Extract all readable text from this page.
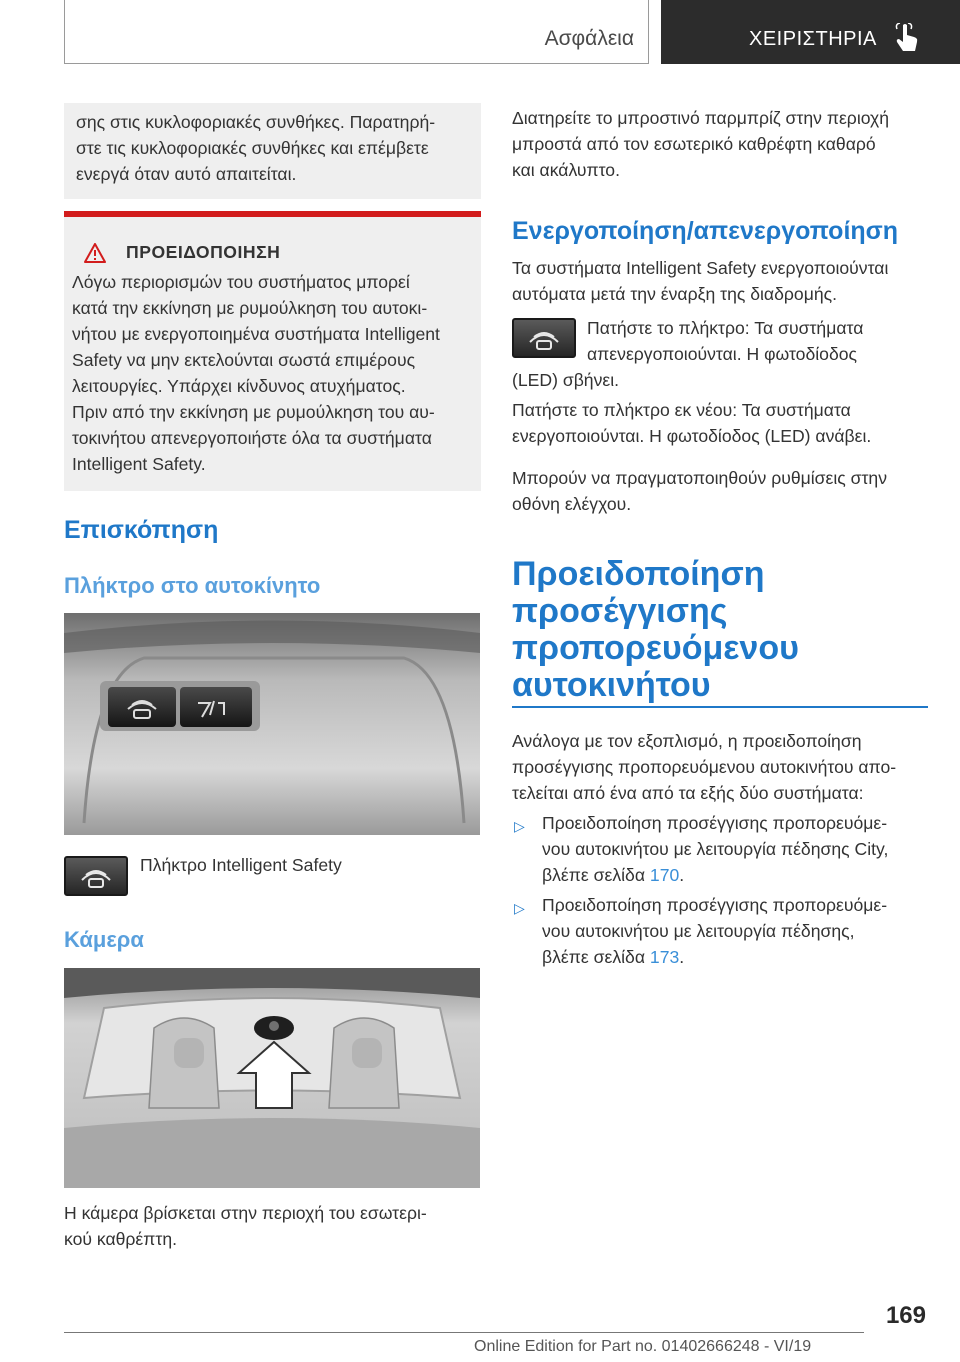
Ασφάλεια	ΧΕΙΡΙΣΤΗΡΙΑ
σης στις κυκλοφοριακές συνθήκες. Παρατηρή-
στε τις κυκλοφοριακές συνθήκες και επέμβετε
ενεργά όταν αυτό απαιτείται.
ΠΡΟΕΙΔΟΠΟΙΗΣΗ
Λόγω περιορισμών του συστήματος μπορεί
κατά την εκκίνηση με ρυμούλκηση του αυτοκι-
νήτου με ενεργοποιημένα συστήματα Intelligent
Safety να μην εκτελούνται σωστά επιμέρους
λειτουργίες. Υπάρχει κίνδυνος ατυχήματος.
Πριν από την εκκίνηση με ρυμούλκηση του αυ-
τοκινήτου απενεργοποιήστε όλα τα συστήματα
Intelligent Safety.
Επισκόπηση
Πλήκτρο στο αυτοκίνητο
Πλήκτρο Intelligent Safety
Κάμερα
Η κάμερα βρίσκεται στην περιοχή του εσωτερι-
κού καθρέπτη.
Διατηρείτε το μπροστινό παρμπρίζ στην περιοχή
μπροστά από τον εσωτερικό καθρέφτη καθαρό
και ακάλυπτο.
Ενεργοποίηση/απενεργοποίηση
Τα συστήματα Intelligent Safety ενεργοποιούνται
αυτόματα μετά την έναρξη της διαδρομής.
Πατήστε το πλήκτρο: Τα συστήματα
απενεργοποιούνται. Η φωτοδίοδος
(LED) σβήνει.
Πατήστε το πλήκτρο εκ νέου: Τα συστήματα
ενεργοποιούνται. Η φωτοδίοδος (LED) ανάβει.
Μπορούν να πραγματοποιηθούν ρυθμίσεις στην
οθόνη ελέγχου.
Προειδοποίηση
προσέγγισης
προπορευόμενου
αυτοκινήτου
Ανάλογα με τον εξοπλισμό, η προειδοποίηση
προσέγγισης προπορευόμενου αυτοκινήτου απο-
τελείται από ένα από τα εξής δύο συστήματα:
▷ Προειδοποίηση προσέγγισης προπορευόμε-
νου αυτοκινήτου με λειτουργία πέδησης City,
βλέπε σελίδα 170.
▷ Προειδοποίηση προσέγγισης προπορευόμε-
νου αυτοκινήτου με λειτουργία πέδησης,
βλέπε σελίδα 173.
169
Online Edition for Part no. 01402666248 - VI/19
